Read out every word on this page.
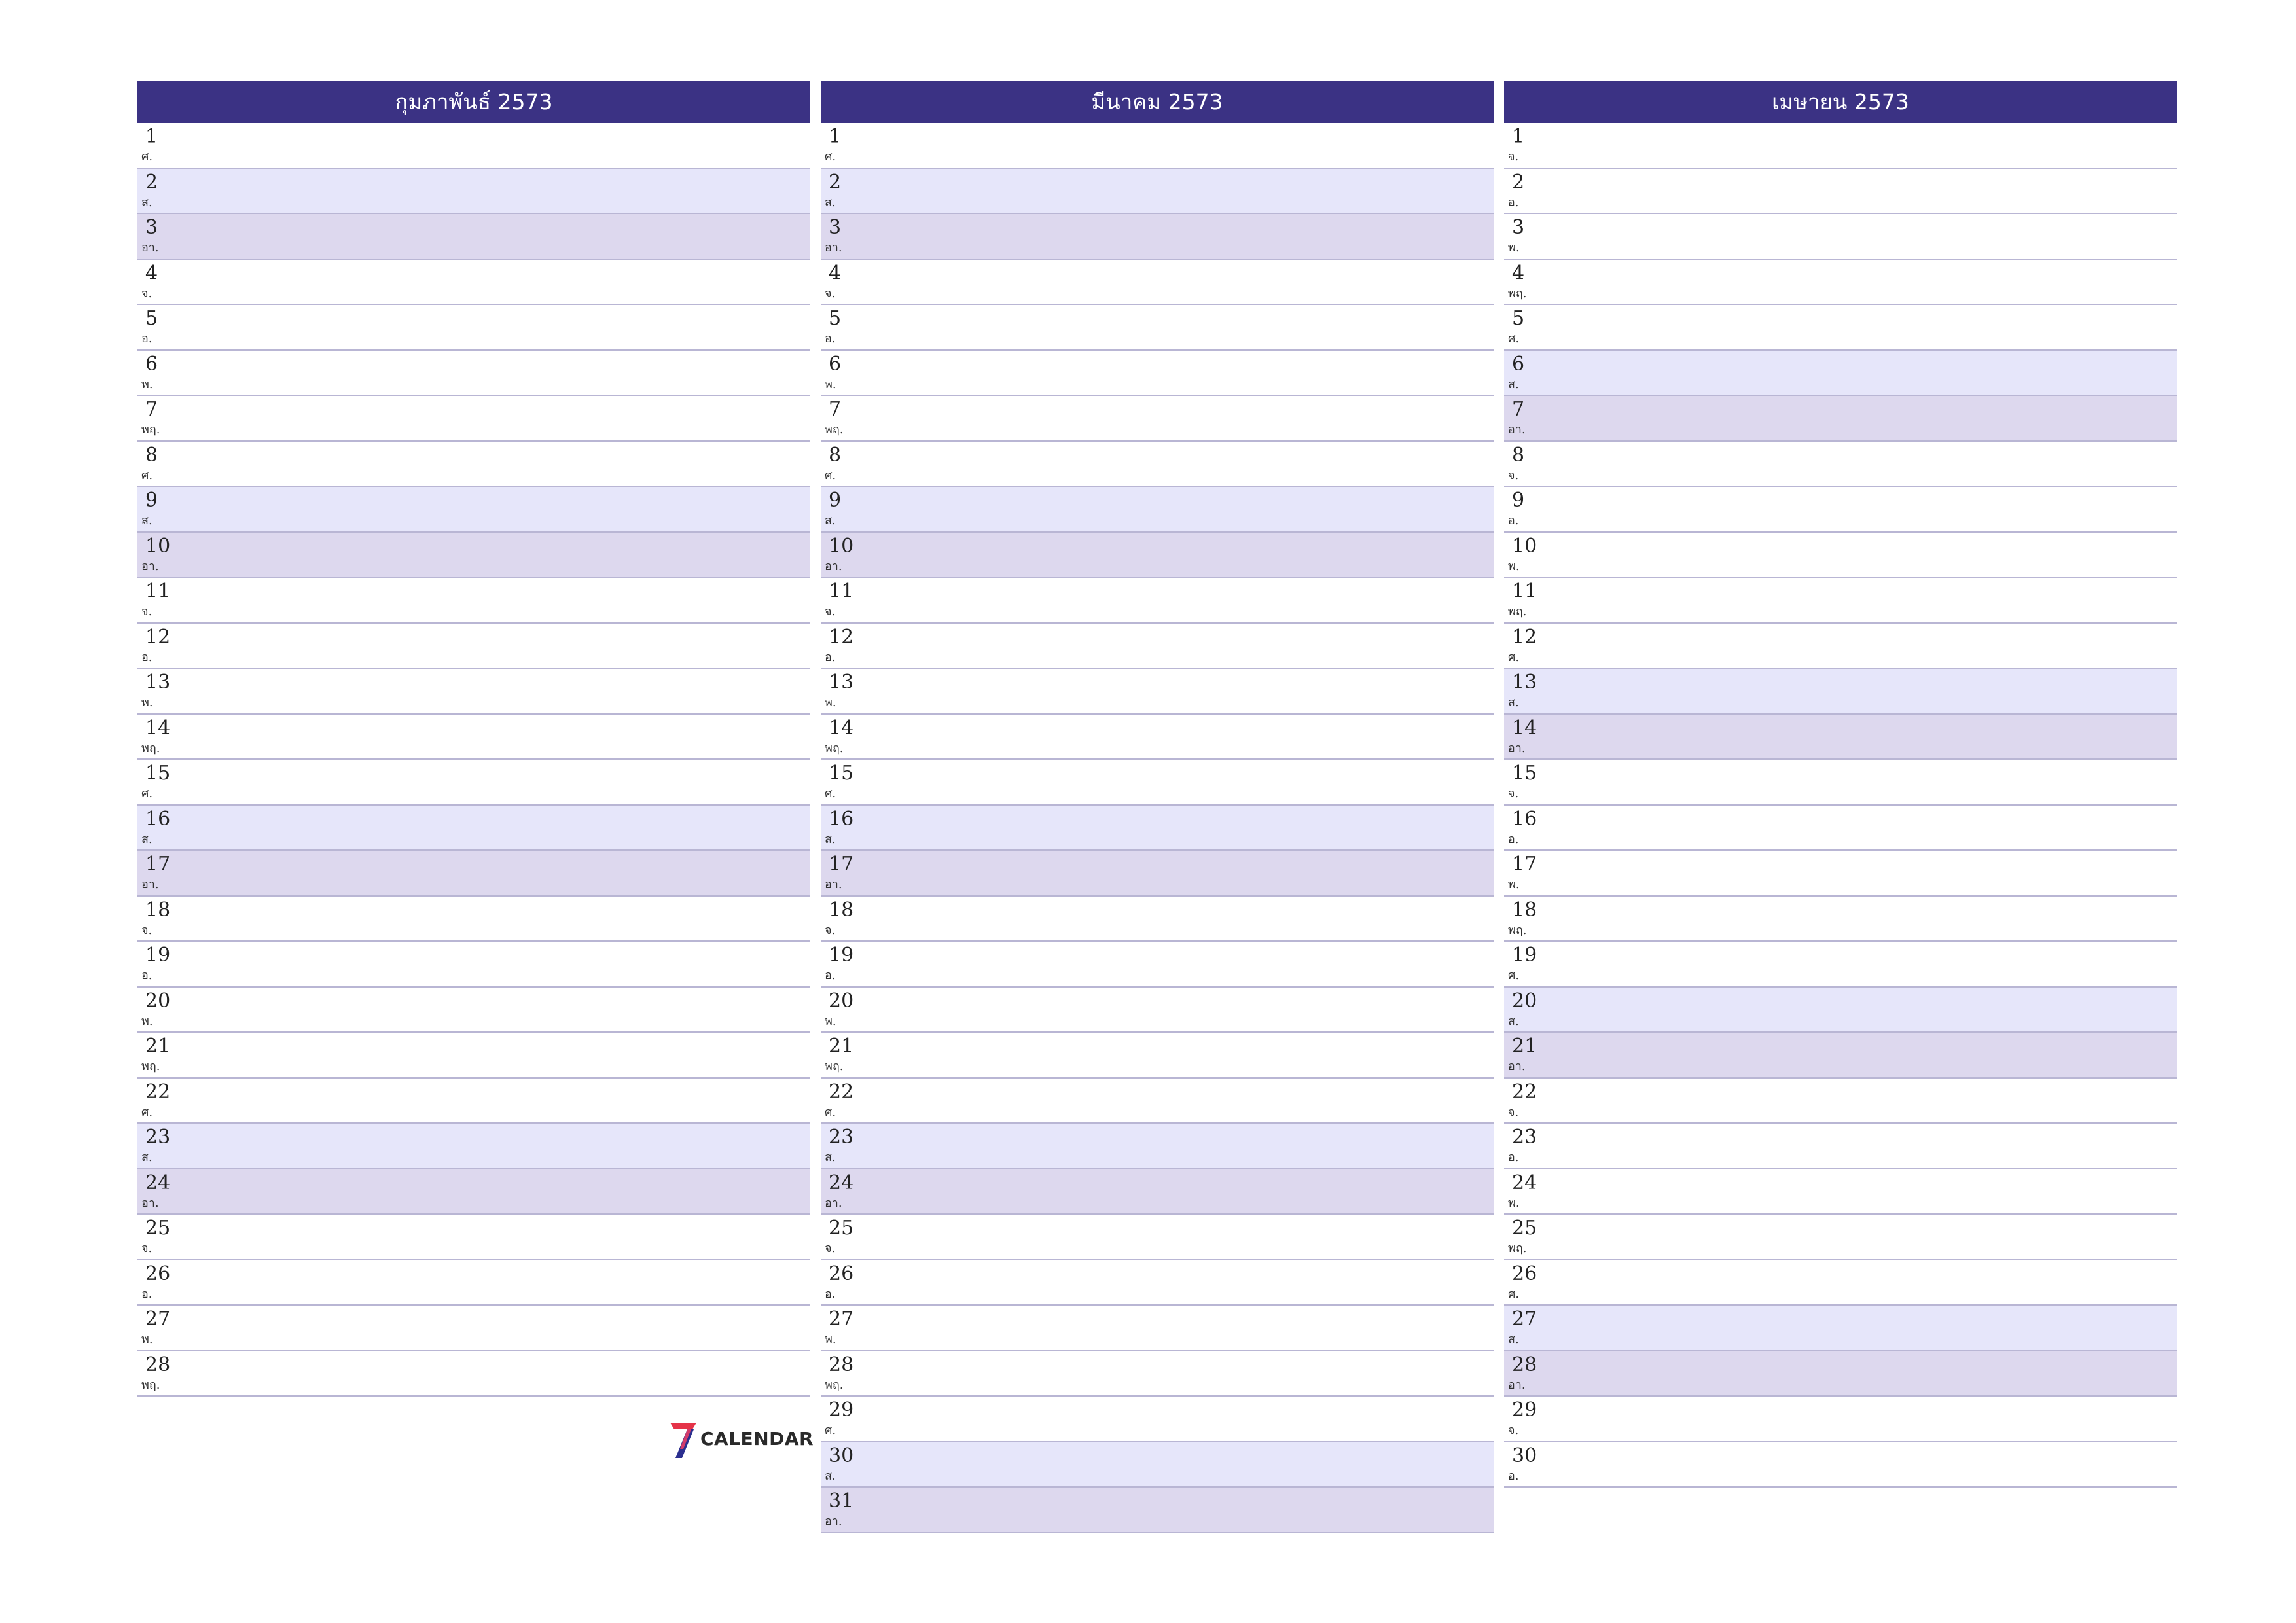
กุมภาพันธ์ 2573
1
ศ.
2
ส.
3
อา.
4
จ.
5
อ.
6
พ.
7
พฤ.
8
ศ.
9
ส.
10
อา.
11
จ.
12
อ.
13
พ.
14
พฤ.
15
ศ.
16
ส.
17
อา.
18
จ.
19
อ.
20
พ.
21
พฤ.
22
ศ.
23
ส.
24
อา.
25
จ.
26
อ.
27
พ.
28
พฤ.
มีนาคม 2573
1
ศ.
2
ส.
3
อา.
4
จ.
5
อ.
6
พ.
7
พฤ.
8
ศ.
9
ส.
10
อา.
11
จ.
12
อ.
13
พ.
14
พฤ.
15
ศ.
16
ส.
17
อา.
18
จ.
19
อ.
20
พ.
21
พฤ.
22
ศ.
23
ส.
24
อา.
25
จ.
26
อ.
27
พ.
28
พฤ.
29
ศ.
30
ส.
31
อา.
เมษายน 2573
1
จ.
2
อ.
3
พ.
4
พฤ.
5
ศ.
6
ส.
7
อา.
8
จ.
9
อ.
10
พ.
11
พฤ.
12
ศ.
13
ส.
14
อา.
15
จ.
16
อ.
17
พ.
18
พฤ.
19
ศ.
20
ส.
21
อา.
22
จ.
23
อ.
24
พ.
25
พฤ.
26
ศ.
27
ส.
28
อา.
29
จ.
30
อ.
CALENDAR
